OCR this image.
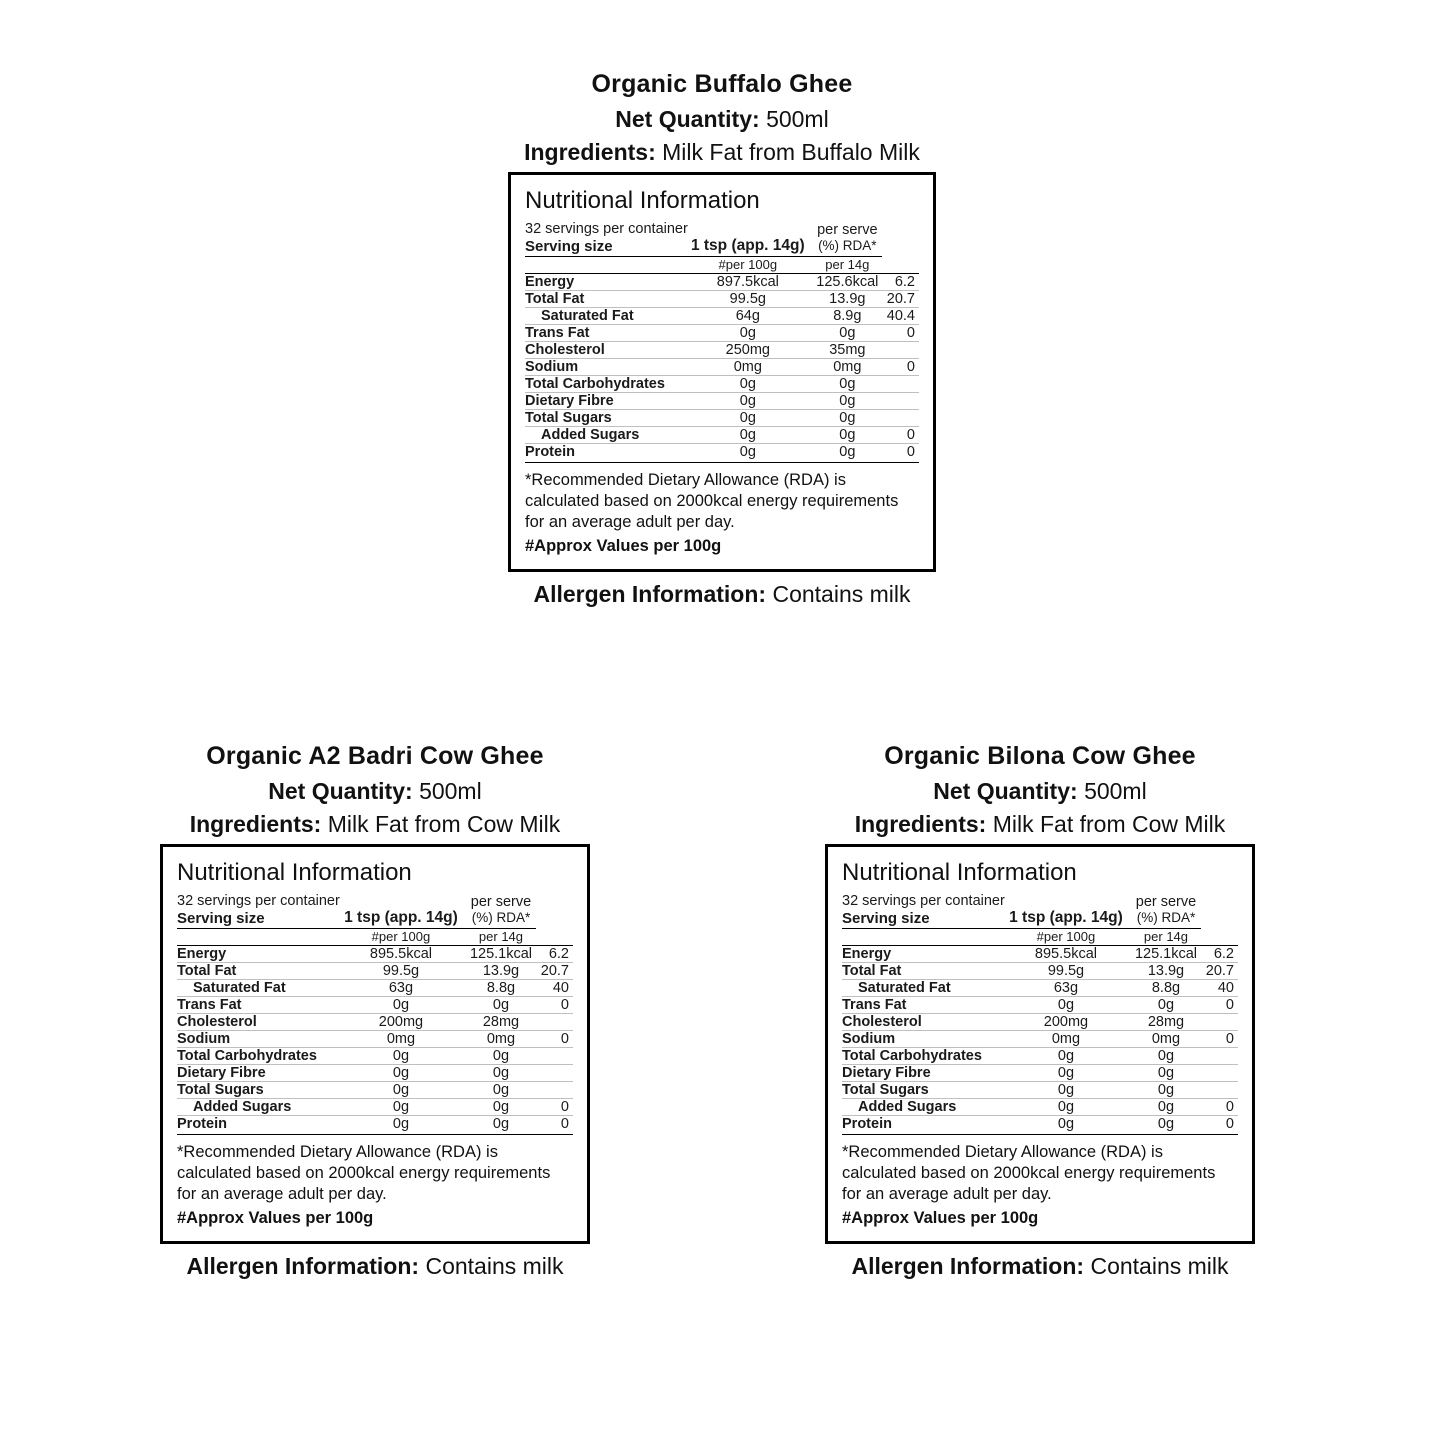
Organic Buffalo Ghee
Net Quantity: 500ml
Ingredients: Milk Fat from Buffalo Milk
Nutritional Information
32 servings per container		per serve
(%) RDA*	
Serving size	1 tsp (app. 14g)		

	#per 100g	per 14g	

Energy	897.5kcal	125.6kcal	6.2
Total Fat	99.5g	13.9g	20.7
Saturated Fat	64g	8.9g	40.4
Trans Fat	0g	0g	0
Cholesterol	250mg	35mg	
Sodium	0mg	0mg	0
Total Carbohydrates	0g	0g	
Dietary Fibre	0g	0g	
Total Sugars	0g	0g	
Added Sugars	0g	0g	0
Protein	0g	0g	0
*Recommended Dietary Allowance (RDA) is calculated based on 2000kcal energy requirements for an average adult per day.
#Approx Values per 100g
Allergen Information: Contains milk
Organic A2 Badri Cow Ghee
Net Quantity: 500ml
Ingredients: Milk Fat from Cow Milk
Nutritional Information
32 servings per container		per serve
(%) RDA*	
Serving size	1 tsp (app. 14g)		

	#per 100g	per 14g	

Energy	895.5kcal	125.1kcal	6.2
Total Fat	99.5g	13.9g	20.7
Saturated Fat	63g	8.8g	40
Trans Fat	0g	0g	0
Cholesterol	200mg	28mg	
Sodium	0mg	0mg	0
Total Carbohydrates	0g	0g	
Dietary Fibre	0g	0g	
Total Sugars	0g	0g	
Added Sugars	0g	0g	0
Protein	0g	0g	0
*Recommended Dietary Allowance (RDA) is calculated based on 2000kcal energy requirements for an average adult per day.
#Approx Values per 100g
Allergen Information: Contains milk
Organic Bilona Cow Ghee
Net Quantity: 500ml
Ingredients: Milk Fat from Cow Milk
Nutritional Information
32 servings per container		per serve
(%) RDA*	
Serving size	1 tsp (app. 14g)		

	#per 100g	per 14g	

Energy	895.5kcal	125.1kcal	6.2
Total Fat	99.5g	13.9g	20.7
Saturated Fat	63g	8.8g	40
Trans Fat	0g	0g	0
Cholesterol	200mg	28mg	
Sodium	0mg	0mg	0
Total Carbohydrates	0g	0g	
Dietary Fibre	0g	0g	
Total Sugars	0g	0g	
Added Sugars	0g	0g	0
Protein	0g	0g	0
*Recommended Dietary Allowance (RDA) is calculated based on 2000kcal energy requirements for an average adult per day.
#Approx Values per 100g
Allergen Information: Contains milk
